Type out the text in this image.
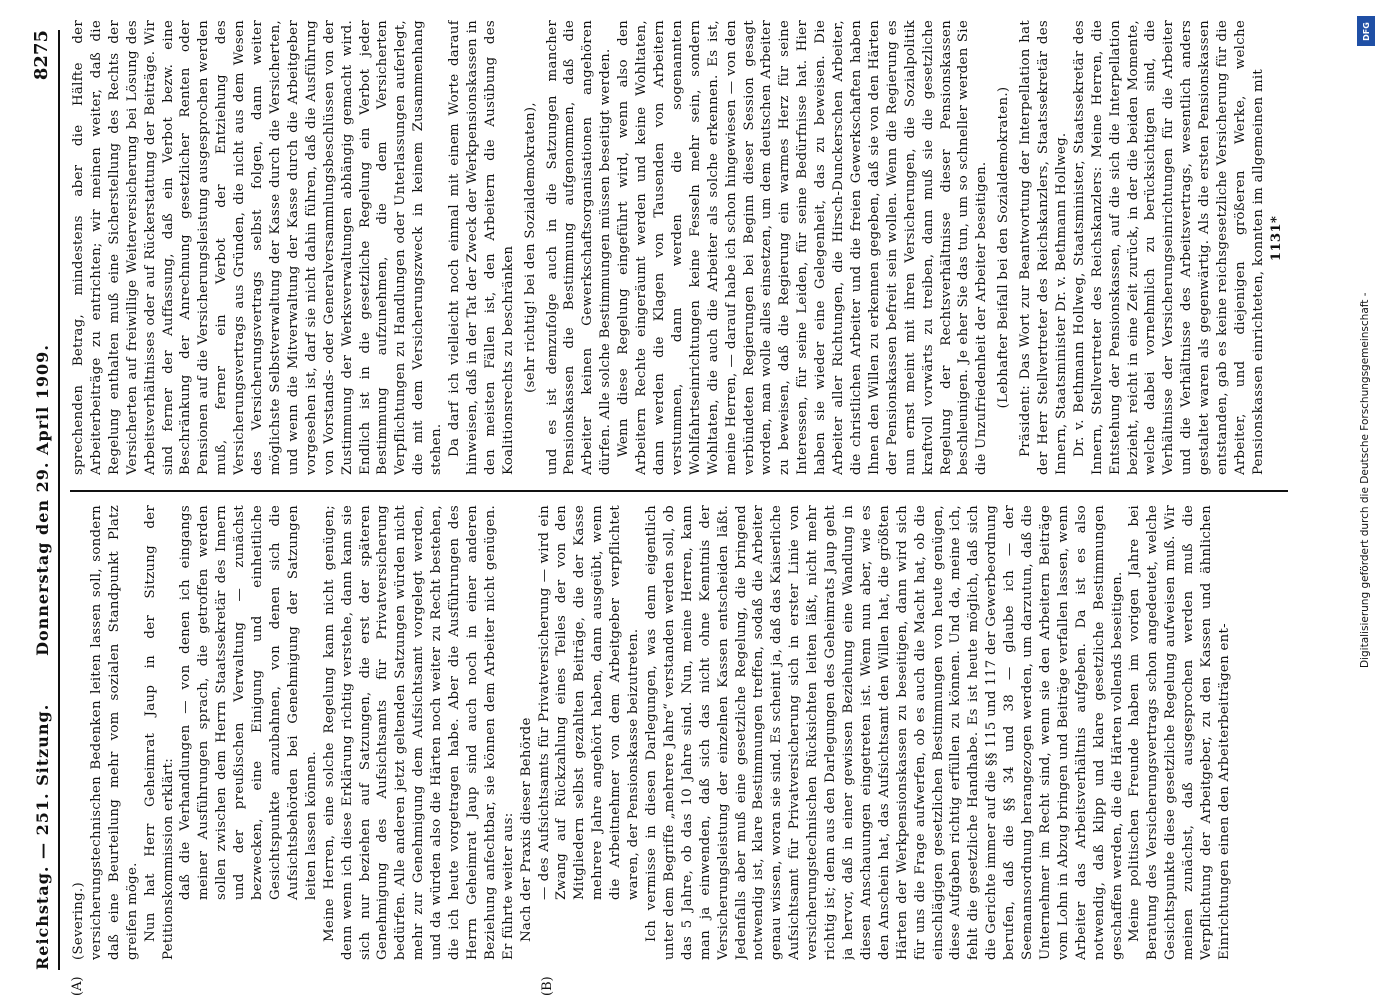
Reichstag. — 251. Sitzung.
Donnerstag den 29. April 1909.
8275
(A)	(B)

(Severing.) versicherungstechnischen Bedenken leiten lassen soll, sondern daß eine Beurteilung mehr vom sozialen Standpunkt Platz greifen möge. Nun hat Herr Geheimrat Jaup in der Sitzung der Petitionskommission erklärt: daß die Verhandlungen — von denen ich eingangs meiner Ausführungen sprach, die getroffen werden sollen zwischen dem Herrn Staatssekretär des Innern und der preußischen Verwaltung — zunächst bezwecken, eine Einigung und einheitliche Gesichtspunkte anzubahnen, von denen sich die Aufsichtsbehörden bei Genehmigung der Satzungen leiten lassen können. Meine Herren, eine solche Regelung kann nicht genügen; denn wenn ich diese Erklärung richtig verstehe, dann kann sie sich nur beziehen auf Satzungen, die erst der späteren Genehmigung des Aufsichtsamts für Privatversicherung bedürfen. Alle anderen jetzt geltenden Satzungen würden nicht mehr zur Genehmigung dem Aufsichtsamt vorgelegt werden, und da würden also die Härten noch weiter zu Recht bestehen, die ich heute vorgetragen habe. Aber die Ausführungen des Herrn Geheimrat Jaup sind auch noch in einer anderen Beziehung anfechtbar, sie können dem Arbeiter nicht genügen. Er führte weiter aus: Nach der Praxis dieser Behörde — des Aufsichtsamts für Privatversicherung — wird ein Zwang auf Rückzahlung eines Teiles der von den Mitgliedern selbst gezahlten Beiträge, die der Kasse mehrere Jahre angehört haben, dann ausgeübt, wenn die Arbeitnehmer von dem Arbeitgeber verpflichtet waren, der Pensionskasse beizutreten. Ich vermisse in diesen Darlegungen, was denn eigentlich unter dem Begriffe „mehrere Jahre“ verstanden werden soll, ob das 5 Jahre, ob das 10 Jahre sind. Nun, meine Herren, kann man ja einwenden, daß sich das nicht ohne Kenntnis der Versicherungsleistung der einzelnen Kassen entscheiden läßt. Jedenfalls aber muß eine gesetzliche Regelung, die bringend notwendig ist, klare Bestimmungen treffen, sodaß die Arbeiter genau wissen, woran sie sind. Es scheint ja, daß das Kaiserliche Aufsichtsamt für Privatversicherung sich in erster Linie von versicherungstechnischen Rücksichten leiten läßt, nicht mehr richtig ist; denn aus den Darlegungen des Geheimrats Jaup geht ja hervor, daß in einer gewissen Beziehung eine Wandlung in diesen Anschauungen eingetreten ist. Wenn nun aber, wie es den Anschein hat, das Aufsichtsamt den Willen hat, die größten Härten der Werkpensionskassen zu beseitigen, dann wird sich für uns die Frage aufwerfen, ob es auch die Macht hat, ob die einschlägigen gesetzlichen Bestimmungen von heute genügen, diese Aufgaben richtig erfüllen zu können. Und da, meine ich, fehlt die gesetzliche Handhabe. Es ist heute möglich, daß sich die Gerichte immer auf die §§ 115 und 117 der Gewerbeordnung berufen, daß die §§ 34 und 38 — glaube ich — der Seemannsordnung herangezogen werden, um darzutun, daß die Unternehmer im Recht sind, wenn sie den Arbeitern Beiträge vom Lohn in Abzug bringen und Beiträge verfallen lassen, wenn Arbeiter das Arbeitsverhältnis aufgeben. Da ist es also notwendig, daß klipp und klare gesetzliche Bestimmungen geschaffen werden, die die Härten vollends beseitigen. Meine politischen Freunde haben im vorigen Jahre bei Beratung des Versicherungsvertrags schon angedeutet, welche Gesichtspunkte diese gesetzliche Regelung aufweisen muß. Wir meinen zunächst, daß ausgesprochen werden muß die Verpflichtung der Arbeitgeber, zu den Kassen und ähnlichen Einrichtungen einen den Arbeiterbeiträgen ent-

sprechenden Betrag, mindestens aber die Hälfte der Arbeiterbeiträge zu entrichten; wir meinen weiter, daß die Regelung enthalten muß eine Sicherstellung des Rechts der Versicherten auf freiwillige Weiterversicherung bei Lösung des Arbeitsverhältnisses oder auf Rückerstattung der Beiträge. Wir sind ferner der Auffassung, daß ein Verbot bezw. eine Beschränkung der Anrechnung gesetzlicher Renten oder Pensionen auf die Versicherungsleistung ausgesprochen werden muß, ferner ein Verbot der Entziehung des Versicherungsvertrags aus Gründen, die nicht aus dem Wesen des Versicherungsvertrags selbst folgen, dann weiter möglichste Selbstverwaltung der Kasse durch die Versicherten, und wenn die Mitverwaltung der Kasse durch die Arbeitgeber vorgesehen ist, darf sie nicht dahin führen, daß die Ausführung von Vorstands- oder Generalversammlungsbeschlüssen von der Zustimmung der Werksverwaltungen abhängig gemacht wird. Endlich ist in die gesetzliche Regelung ein Verbot jeder Bestimmung aufzunehmen, die dem Versicherten Verpflichtungen zu Handlungen oder Unterlassungen auferlegt, die mit dem Versicherungszweck in keinem Zusammenhang stehen. Da darf ich vielleicht noch einmal mit einem Worte darauf hinweisen, daß in der Tat der Zweck der Werkpensionskassen in den meisten Fällen ist, den Arbeitern die Ausübung des Koalitionsrechts zu beschränken (sehr richtig! bei den Sozialdemokraten), und es ist demzufolge auch in die Satzungen mancher Pensionskassen die Bestimmung aufgenommen, daß die Arbeiter keinen Gewerkschaftsorganisationen angehören dürfen. Alle solche Bestimmungen müssen beseitigt werden. Wenn diese Regelung eingeführt wird, wenn also den Arbeitern Rechte eingeräumt werden und keine Wohltaten, dann werden die Klagen von Tausenden von Arbeitern verstummen, dann werden die sogenannten Wohlfahrtseinrichtungen keine Fesseln mehr sein, sondern Wohltaten, die auch die Arbeiter als solche erkennen. Es ist, meine Herren, — darauf habe ich schon hingewiesen — von den verbündeten Regierungen bei Beginn dieser Session gesagt worden, man wolle alles einsetzen, um dem deutschen Arbeiter zu beweisen, daß die Regierung ein warmes Herz für seine Interessen, für seine Leiden, für seine Bedürfnisse hat. Hier haben sie wieder eine Gelegenheit, das zu beweisen. Die Arbeiter aller Richtungen, die Hirsch-Dunckerschen Arbeiter, die christlichen Arbeiter und die freien Gewerkschaften haben Ihnen den Willen zu erkennen gegeben, daß sie von den Härten der Pensionskassen befreit sein wollen. Wenn die Regierung es nun ernst meint mit ihren Versicherungen, die Sozialpolitik kraftvoll vorwärts zu treiben, dann muß sie die gesetzliche Regelung der Rechtsverhältnisse dieser Pensionskassen beschleunigen. Je eher Sie das tun, um so schneller werden Sie die Unzufriedenheit der Arbeiter beseitigen. (Lebhafter Beifall bei den Sozialdemokraten.) Präsident: Das Wort zur Beantwortung der Interpellation hat der Herr Stellvertreter des Reichskanzlers, Staatssekretär des Innern, Staatsminister Dr. v. Bethmann Hollweg. Dr. v. Bethmann Hollweg, Staatsminister, Staatssekretär des Innern, Stellvertreter des Reichskanzlers: Meine Herren, die Entstehung der Pensionskassen, auf die sich die Interpellation bezieht, reicht in eine Zeit zurück, in der die beiden Momente, welche dabei vornehmlich zu berücksichtigen sind, die Verhältnisse der Versicherungseinrichtungen für die Arbeiter und die Verhältnisse des Arbeitsvertrags, wesentlich anders gestaltet waren als gegenwärtig. Als die ersten Pensionskassen entstanden, gab es keine reichsgesetzliche Versicherung für die Arbeiter, und diejenigen größeren Werke, welche Pensionskassen einrichteten, konnten im allgemeinen mit 1131*

DFG
Digitalisierung gefördert durch die Deutsche Forschungsgemeinschaft -
